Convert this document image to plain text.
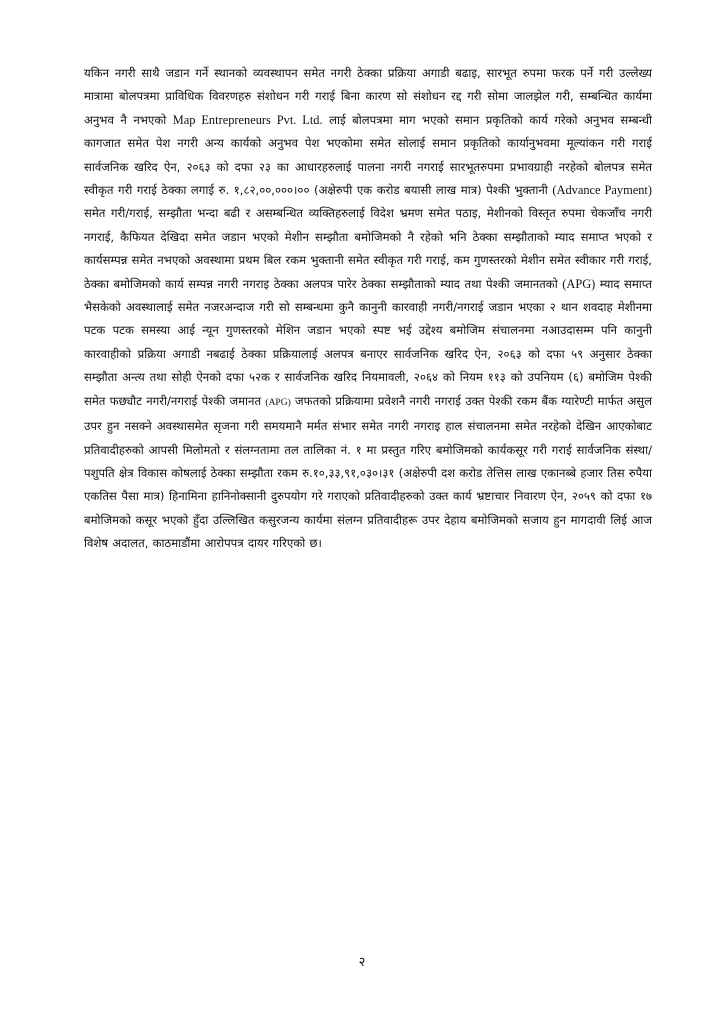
यकिन नगरी साथै जडान गर्ने स्थानको व्यवस्थापन समेत नगरी ठेक्का प्रक्रिया अगाडी बढाइ, सारभूत रुपमा फरक पर्ने गरी उल्लेख्य मात्रामा बोलपत्रमा प्राविधिक विवरणहरु संशोधन गरी गराई बिना कारण सो संशोधन रद्द गरी सोमा जालझेल गरी, सम्बन्धित कार्यमा अनुभव नै नभएको Map Entrepreneurs Pvt. Ltd. लाई बोलपत्रमा माग भएको समान प्रकृतिको कार्य गरेको अनुभव सम्बन्धी कागजात समेत पेश नगरी अन्य कार्यको अनुभव पेश भएकोमा समेत सोलाई समान प्रकृतिको कार्यानुभवमा मूल्यांकन गरी गराई सार्वजनिक खरिद ऐन, २०६३ को दफा २३ का आधारहरुलाई पालना नगरी नगराई सारभूतरुपमा प्रभावग्राही नरहेको बोलपत्र समेत स्वीकृत गरी गराई ठेक्का लगाई रु. १,८२,००,०००।०० (अक्षेरुपी एक करोड बयासी लाख मात्र) पेश्की भुक्तानी (Advance Payment) समेत गरी/गराई, सम्झौता भन्दा बढी र असम्बन्धित व्यक्तिहरुलाई विदेश भ्रमण समेत पठाइ, मेशीनको विस्तृत रुपमा चेकजाँच नगरी नगराई, कैफियत देखिदा समेत जडान भएको मेशीन सम्झौता बमोजिमको नै रहेको भनि ठेक्का सम्झौताको म्याद समाप्त भएको र कार्यसम्पन्न समेत नभएको अवस्थामा प्रथम बिल रकम भुक्तानी समेत स्वीकृत गरी गराई, कम गुणस्तरको मेशीन समेत स्वीकार गरी गराई, ठेक्का बमोजिमको कार्य सम्पन्न नगरी नगराइ ठेक्का अलपत्र पारेर ठेक्का सम्झौताको म्याद तथा पेश्की जमानतको (APG) म्याद समाप्त भैसकेको अवस्थालाई समेत नजरअन्दाज गरी सो सम्बन्धमा कुनै कानुनी कारवाही नगरी/नगराई जडान भएका २ थान शवदाह मेशीनमा पटक पटक समस्या आई न्यून गुणस्तरको मेशिन जडान भएको स्पष्ट भई उद्देश्य बमोजिम संचालनमा नआउदासम्म पनि कानुनी कारवाहीको प्रक्रिया अगाडी नबढाई ठेक्का प्रक्रियालाई अलपत्र बनाएर सार्वजनिक खरिद ऐन, २०६३ को दफा ५९ अनुसार ठेक्का सम्झौता अन्त्य तथा सोही ऐनको दफा ५२क र सार्वजनिक खरिद नियमावली, २०६४ को नियम ११३ को उपनियम (६) बमोजिम पेश्की समेत फछ्यौट नगरी/नगराई पेश्की जमानत (APG) जफतको प्रक्रियामा प्रवेशनै नगरी नगराई उक्त पेश्की रकम बैंक ग्यारेण्टी मार्फत असुल उपर हुन नसक्ने अवस्थासमेत सृजना गरी समयमानै मर्मत संभार समेत नगरी नगराइ हाल संचालनमा समेत नरहेको देखिन आएकोबाट प्रतिवादीहरुको आपसी मिलोमतो र संलग्नतामा तल तालिका नं. १ मा प्रस्तुत गरिए बमोजिमको कार्यकसूर गरी गराई सार्वजनिक संस्था/पशुपति क्षेत्र विकास कोषलाई ठेक्का सम्झौता रकम रु.१०,३३,९१,०३०।३१ (अक्षेरुपी दश करोड तेत्तिस लाख एकानब्बे हजार तिस रुपैया एकतिस पैसा मात्र) हिनामिना हानिनोक्सानी दुरुपयोग गरे गराएको प्रतिवादीहरुको उक्त कार्य भ्रष्टाचार निवारण ऐन, २०५९ को दफा १७ बमोजिमको कसूर भएको हुँदा उल्लिखित कसुरजन्य कार्यमा संलग्न प्रतिवादीहरू उपर देहाय बमोजिमको सजाय हुन मागदावी लिई आज विशेष अदालत, काठमाडौंमा आरोपपत्र दायर गरिएको छ।

२
